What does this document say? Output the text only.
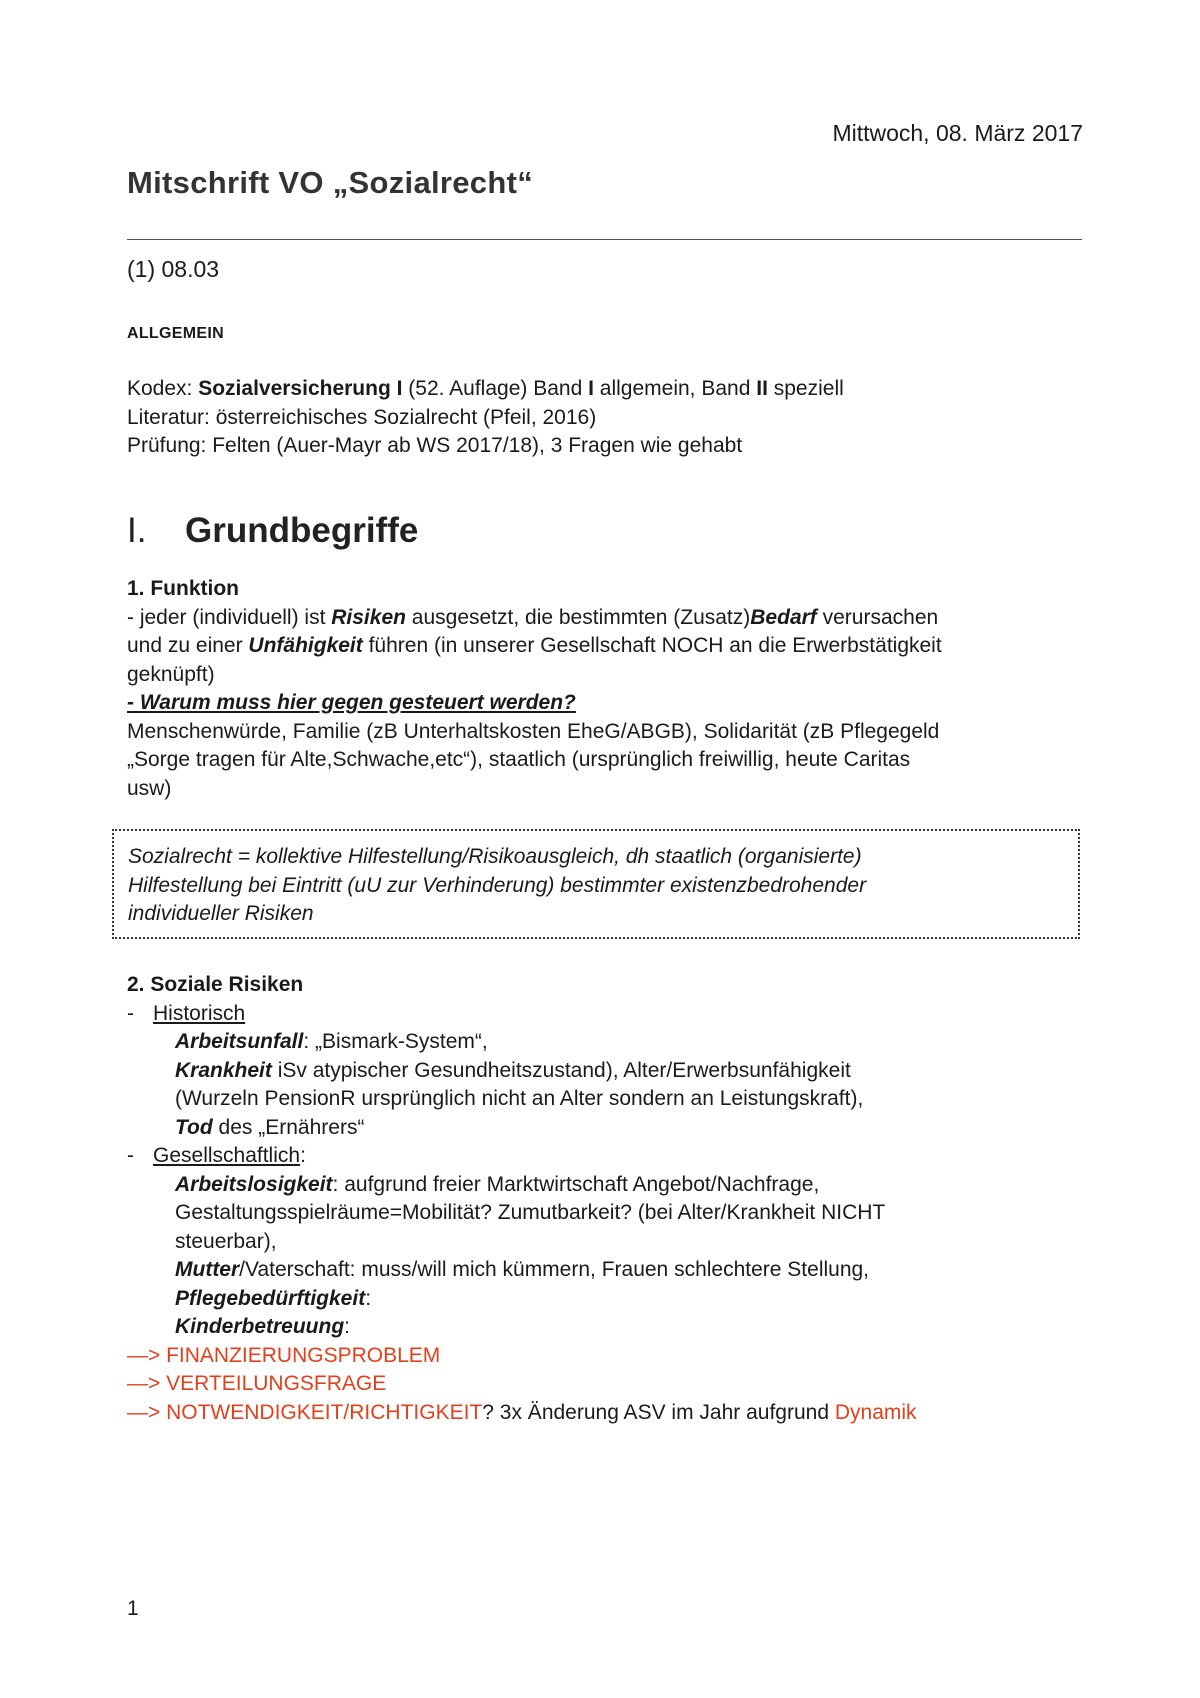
Mittwoch, 08. März 2017
Mitschrift VO „Sozialrecht“
(1) 08.03
ALLGEMEIN

Kodex: Sozialversicherung I (52. Auflage) Band I allgemein, Band II speziell

Literatur: österreichisches Sozialrecht (Pfeil, 2016)

Prüfung: Felten (Auer-Mayr ab WS 2017/18), 3 Fragen wie gehabt

I. Grundbegriffe

1. Funktion

- jeder (individuell) ist Risiken ausgesetzt, die bestimmten (Zusatz)Bedarf verursachen

und zu einer Unfähigkeit führen (in unserer Gesellschaft NOCH an die Erwerbstätigkeit

geknüpft)

- Warum muss hier gegen gesteuert werden?

Menschenwürde, Familie (zB Unterhaltskosten EheG/ABGB), Solidarität (zB Pflegegeld

„Sorge tragen für Alte,Schwache,etc“), staatlich (ursprünglich freiwillig, heute Caritas

usw)

Sozialrecht = kollektive Hilfestellung/Risikoausgleich, dh staatlich (organisierte)

Hilfestellung bei Eintritt (uU zur Verhinderung) bestimmter existenzbedrohender

individueller Risiken

2. Soziale Risiken

- Historisch

Arbeitsunfall: „Bismark-System“,

Krankheit iSv atypischer Gesundheitszustand), Alter/Erwerbsunfähigkeit

(Wurzeln PensionR ursprünglich nicht an Alter sondern an Leistungskraft),

Tod des „Ernährers“

- Gesellschaftlich:

Arbeitslosigkeit: aufgrund freier Marktwirtschaft Angebot/Nachfrage,

Gestaltungsspielräume=Mobilität? Zumutbarkeit? (bei Alter/Krankheit NICHT

steuerbar),

Mutter/Vaterschaft: muss/will mich kümmern, Frauen schlechtere Stellung,

Pflegebedürftigkeit:

Kinderbetreuung:

—> FINANZIERUNGSPROBLEM

—> VERTEILUNGSFRAGE

—> NOTWENDIGKEIT/RICHTIGKEIT? 3x Änderung ASV im Jahr aufgrund Dynamik

1
